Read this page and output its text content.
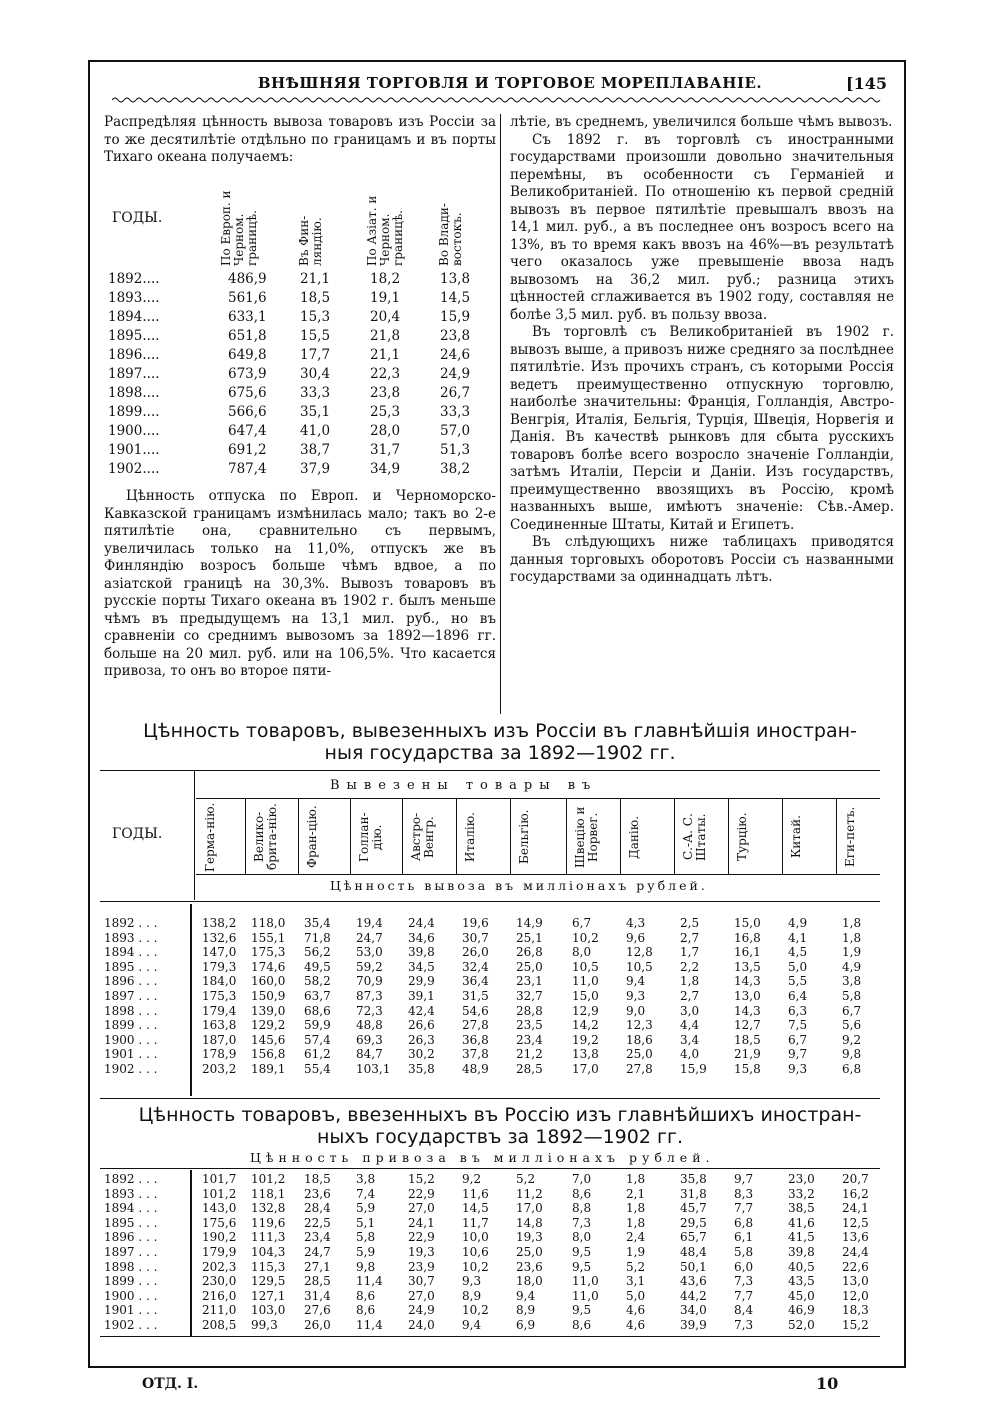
ВНѢШНЯЯ ТОРГОВЛЯ И ТОРГОВОЕ МОРЕПЛАВАНІЕ.	[145

Распредѣляя цѣнность вывоза товаровъ изъ Россіи за то же десятилѣтіе отдѣльно по границамъ и въ порты Тихаго океана получаемъ:

ГОДЫ.	По Европ. и Черном. границѣ.	Въ Фин-ляндію.	По Азіат. и Черном. границѣ.	Во Влади-востокъ.
1892....	486,9 21,1	18,2	13,8
1893....	561,6 18,5	19,1	14,5
1894....	633,1 15,3	20,4	15,9
1895....	651,8 15,5	21,8	23,8
1896....	649,8 17,7	21,1	24,6
1897....	673,9 30,4	22,3	24,9
1898....	675,6 33,3	23,8	26,7
1899....	566,6 35,1	25,3	33,3
1900....	647,4 41,0	28,0	57,0
1901....	691,2 38,7	31,7	51,3
1902....	787,4 37,9	34,9	38,2

Цѣнность отпуска по Европ. и Черноморско-Кавказской границамъ измѣнилась мало; такъ во 2-е пятилѣтіе она, сравнительно съ первымъ, увеличилась только на 11,0%, отпускъ же въ Финляндію возросъ больше чѣмъ вдвое, а по азіатской границѣ на 30,3%. Вывозъ товаровъ въ русскіе порты Тихаго океана въ 1902 г. былъ меньше чѣмъ въ предыдущемъ на 13,1 мил. руб., но въ сравненіи со среднимъ вывозомъ за 1892—1896 гг. больше на 20 мил. руб. или на 106,5%. Что касается привоза, то онъ во второе пяти-

лѣтіе, въ среднемъ, увеличился больше чѣмъ вывозъ.

Съ 1892 г. въ торговлѣ съ иностранными государствами произошли довольно значительныя перемѣны, въ особенности съ Германіей и Великобританіей. По отношенію къ первой средній вывозъ въ первое пятилѣтіе превышалъ ввозъ на 14,1 мил. руб., а въ последнее онъ возросъ всего на 13%, въ то время какъ ввозъ на 46%—въ результатѣ чего оказалось уже превышеніе ввоза надъ вывозомъ на 36,2 мил. руб.; разница этихъ цѣнностей сглаживается въ 1902 году, составляя не болѣе 3,5 мил. руб. въ пользу ввоза.

Въ торговлѣ съ Великобританіей въ 1902 г. вывозъ выше, а привозъ ниже средняго за послѣднее пятилѣтіе. Изъ прочихъ странъ, съ которыми Россія ведетъ преимущественно отпускную торговлю, наиболѣе значительны: Франція, Голландія, Австро-Венгрія, Италія, Бельгія, Турція, Швеція, Норвегія и Данія. Въ качествѣ рынковъ для сбыта русскихъ товаровъ болѣе всего возросло значеніе Голландіи, затѣмъ Италіи, Персіи и Даніи. Изъ государствъ, преимущественно ввозящихъ въ Россію, кромѣ названныхъ выше, имѣютъ значеніе: Сѣв.-Амер. Соединенные Штаты, Китай и Египетъ.

Въ слѣдующихъ ниже таблицахъ приводятся данныя торговыхъ оборотовъ Россіи съ названными государствами за одиннадцать лѣтъ.

Цѣнность товаровъ, вывезенныхъ изъ Россіи въ главнѣйшія иностран-
ныя государства за 1892—1902 гг.
ГОДЫ.
Вывезены товары въ
Герма-нію.	Велико-брита-нію. Фран-цію.	Голлан-дію. Австро-Венгр. Италію.	Бельгію.	Швецію и Норвег. Данію.	С.-А. С. Штаты. Турцію.	Китай.	Еги-петъ.
Цѣнность вывоза въ милліонахъ рублей.
1892 . . .	138,2 118,0 35,4 19,4 24,4 19,6 14,9 6,7	4,3	2,5	15,0 4,9	1,8
1893 . . .	132,6 155,1 71,8 24,7 34,6 30,7 25,1 10,2 9,6	2,7	16,8 4,1	1,8
1894 . . .	147,0 175,3 56,2 53,0 39,8 26,0 26,8 8,0	12,8 1,7	16,1 4,5	1,9
1895 . . .	179,3 174,6 49,5 59,2 34,5 32,4 25,0 10,5 10,5 2,2	13,5 5,0	4,9
1896 . . .	184,0 160,0 58,2 70,9 29,9 36,4 23,1 11,0 9,4	1,8	14,3 5,5	3,8
1897 . . .	175,3 150,9 63,7 87,3 39,1 31,5 32,7 15,0 9,3	2,7	13,0 6,4	5,8
1898 . . .	179,4 139,0 68,6 72,3 42,4 54,6 28,8 12,9 9,0	3,0	14,3 6,3	6,7
1899 . . .	163,8 129,2 59,9 48,8 26,6 27,8 23,5 14,2 12,3 4,4	12,7 7,5	5,6
1900 . . .	187,0 145,6 57,4 69,3 26,3 36,8 23,4 19,2 18,6 3,4	18,5 6,7	9,2
1901 . . .	178,9 156,8 61,2 84,7 30,2 37,8 21,2 13,8 25,0 4,0	21,9 9,7	9,8
1902 . . .	203,2 189,1 55,4 103,1 35,8 48,9 28,5 17,0 27,8 15,9 15,8 9,3	6,8
Цѣнность товаровъ, ввезенныхъ въ Россію изъ главнѣйшихъ иностран-
ныхъ государствъ за 1892—1902 гг.
Цѣнность привоза въ милліонахъ рублей.
1892 . . .	101,7 101,2 18,5 3,8	15,2 9,2	5,2	7,0	1,8	35,8 9,7	23,0 20,7
1893 . . .	101,2 118,1 23,6 7,4	22,9 11,6 11,2 8,6	2,1	31,8 8,3	33,2 16,2
1894 . . .	143,0 132,8 28,4 5,9	27,0 14,5 17,0 8,8	1,8	45,7 7,7	38,5 24,1
1895 . . .	175,6 119,6 22,5 5,1	24,1 11,7 14,8 7,3	1,8	29,5 6,8	41,6 12,5
1896 . . .	190,2 111,3 23,4 5,8	22,9 10,0 19,3 8,0	2,4	65,7 6,1	41,5 13,6
1897 . . .	179,9 104,3 24,7 5,9	19,3 10,6 25,0 9,5	1,9	48,4 5,8	39,8 24,4
1898 . . .	202,3 115,3 27,1 9,8	23,9 10,2 23,6 9,5	5,2	50,1 6,0	40,5 22,6
1899 . . .	230,0 129,5 28,5 11,4 30,7 9,3	18,0 11,0 3,1	43,6 7,3	43,5 13,0
1900 . . .	216,0 127,1 31,4 8,6	27,0 8,9	9,4	11,0 5,0	44,2 7,7	45,0 12,0
1901 . . .	211,0 103,0 27,6 8,6	24,9 10,2 8,9	9,5	4,6	34,0 8,4	46,9 18,3
1902 . . .	208,5 99,3 26,0 11,4 24,0 9,4	6,9	8,6	4,6	39,9 7,3	52,0 15,2
ОТД. I.	10
